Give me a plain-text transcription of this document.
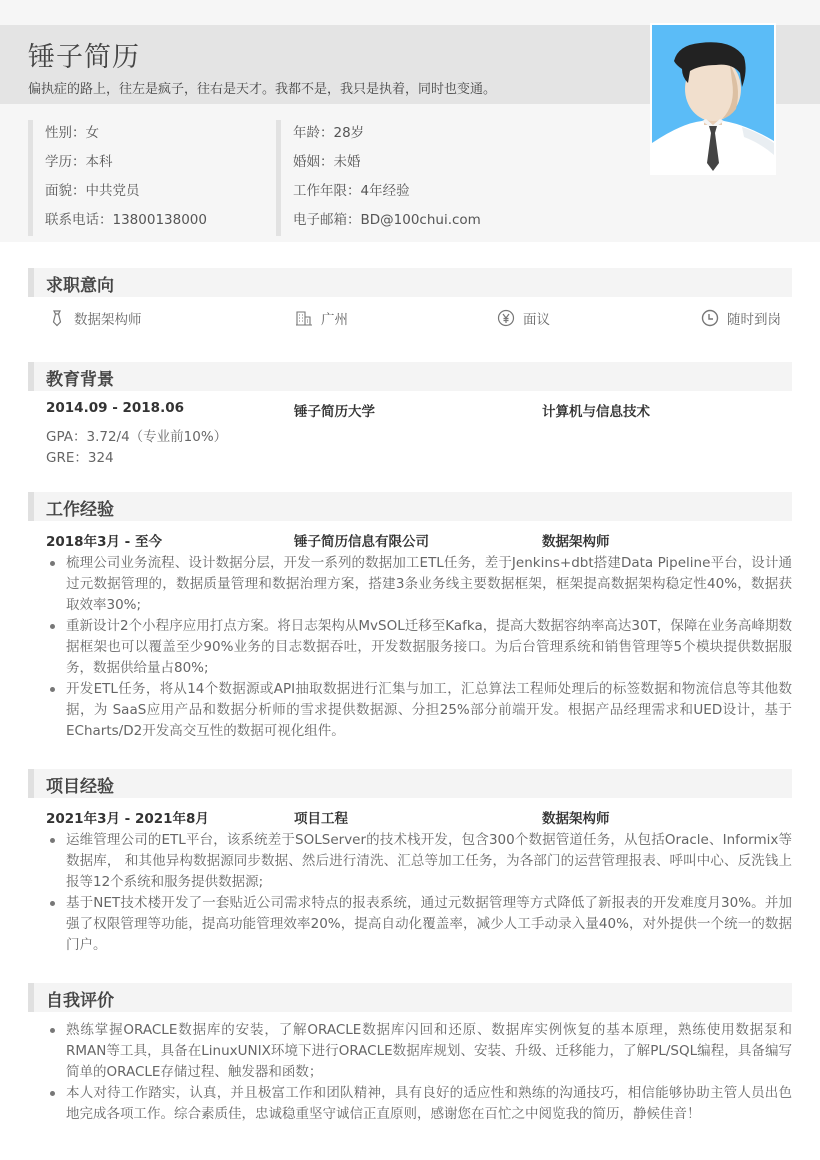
锤子简历
偏执症的路上，往左是疯子，往右是天才。我都不是，我只是执着，同时也变通。
性别：女
学历：本科
面貌：中共党员
联系电话：13800138000
年龄：28岁
婚姻：未婚
工作年限：4年经验
电子邮箱：BD@100chui.com
求职意向
数据架构师	广州	面议	随时到岗
教育背景
2014.09 - 2018.06	锤子简历大学	计算机与信息技术
GPA：3.72/4（专业前10%）
GRE：324
工作经验
2018年3月 - 至今	锤子简历信息有限公司	数据架构师
梳理公司业务流程、设计数据分层，开发一系列的数据加工ETL任务，差于Jenkins+dbt搭建Data Pipeline平台，设计通过元数据管理的，数据质量管理和数据治理方案，搭建3条业务线主要数据框架，框架提高数据架构稳定性40%，数据获取效率30%;
重新设计2个小程序应用打点方案。将日志架构从MvSOL迁移至Kafka，提高大数据容纳率高达30T，保障在业务高峰期数据框架也可以覆盖至少90%业务的目志数据吞吐，开发数据服务接口。为后台管理系统和销售管理等5个模块提供数据服务，数据供给量占80%;
开发ETL任务，将从14个数据源或API抽取数据进行汇集与加工，汇总算法工程师处理后的标签数据和物流信息等其他数据，为 SaaS应用产品和数据分析师的雪求提供数据源、分担25%部分前端开发。根据产品经理需求和UED设计，基于ECharts/D2开发高交互性的数据可视化组件。
项目经验
2021年3月 - 2021年8月	项目工程	数据架构师
运维管理公司的ETL平台，该系统差于SOLServer的技术栈开发，包含300个数据管道任务，从包括Oracle、Informix等数据库， 和其他异构数据源同步数据、然后进行清洗、汇总等加工任务，为各部门的运营管理报表、呼叫中心、反洗钱上报等12个系统和服务提供数据源;
基于NET技术楼开发了一套贴近公司需求特点的报表系统，通过元数据管理等方式降低了新报表的开发难度月30%。并加强了权限管理等功能，提高功能管理效率20%，提高自动化覆盖率，减少人工手动录入量40%，对外提供一个统一的数据门户。
自我评价
熟练掌握ORACLE数据库的安装，了解ORACLE数据库闪回和还原、数据库实例恢复的基本原理，熟练使用数据泵和 RMAN等工具，具备在LinuxUNIX环境下进行ORACLE数据库规划、安装、升级、迁移能力，了解PL/SQL编程，具备编写简单的ORACLE存储过程、触发器和函数；
本人对待工作踏实，认真，并且极富工作和团队精神，具有良好的适应性和熟练的沟通技巧，相信能够协助主管人员出色地完成各项工作。综合素质佳，忠诚稳重坚守诚信正直原则，感谢您在百忙之中阅览我的简历，静候佳音！
